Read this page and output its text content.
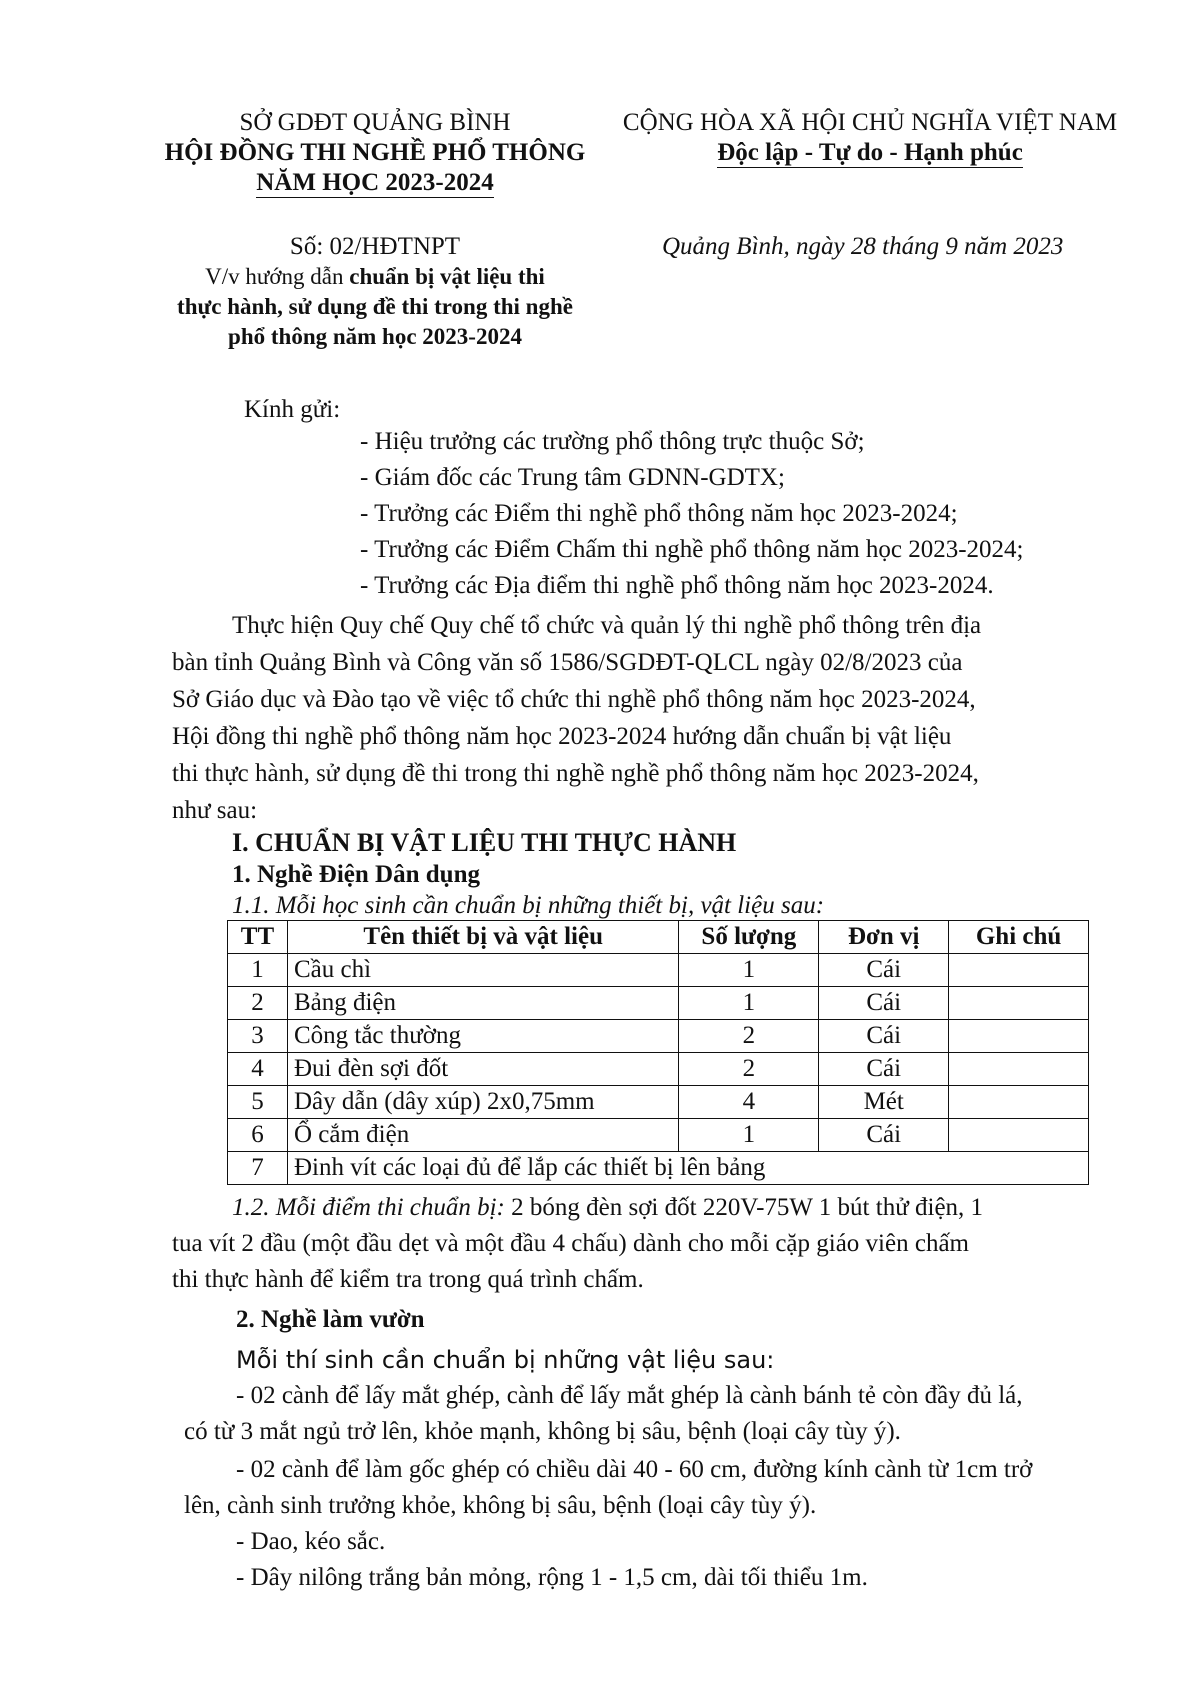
SỞ GDĐT QUẢNG BÌNH
HỘI ĐỒNG THI NGHỀ PHỔ THÔNG
NĂM HỌC 2023-2024
CỘNG HÒA XÃ HỘI CHỦ NGHĨA VIỆT NAM
Độc lập - Tự do - Hạnh phúc
Số: 02/HĐTNPT
V/v hướng dẫn chuẩn bị vật liệu thi
thực hành, sử dụng đề thi trong thi nghề
phổ thông năm học 2023-2024
Quảng Bình, ngày 28 tháng 9 năm 2023
Kính gửi:
- Hiệu trưởng các trường phổ thông trực thuộc Sở;
- Giám đốc các Trung tâm GDNN-GDTX;
- Trưởng các Điểm thi nghề phổ thông năm học 2023-2024;
- Trưởng các Điểm Chấm thi nghề phổ thông năm học 2023-2024;
- Trưởng các Địa điểm thi nghề phổ thông năm học 2023-2024.
Thực hiện Quy chế Quy chế tổ chức và quản lý thi nghề phổ thông trên địa
bàn tỉnh Quảng Bình và Công văn số 1586/SGDĐT-QLCL ngày 02/8/2023 của
Sở Giáo dục và Đào tạo về việc tổ chức thi nghề phổ thông năm học 2023-2024,
Hội đồng thi nghề phổ thông năm học 2023-2024 hướng dẫn chuẩn bị vật liệu
thi thực hành, sử dụng đề thi trong thi nghề nghề phổ thông năm học 2023-2024,
như sau:
I. CHUẨN BỊ VẬT LIỆU THI THỰC HÀNH
1. Nghề Điện Dân dụng
1.1. Mỗi học sinh cần chuẩn bị những thiết bị, vật liệu sau:
TT	Tên thiết bị và vật liệu	Số lượng	Đơn vị	Ghi chú
1	Cầu chì	1	Cái	
2	Bảng điện	1	Cái	
3	Công tắc thường	2	Cái	
4	Đui đèn sợi đốt	2	Cái	
5	Dây dẫn (dây xúp) 2x0,75mm	4	Mét	
6	Ổ cắm điện	1	Cái	
7	Đinh vít các loại đủ để lắp các thiết bị lên bảng			
1.2. Mỗi điểm thi chuẩn bị: 2 bóng đèn sợi đốt 220V-75W 1 bút thử điện, 1
tua vít 2 đầu (một đầu dẹt và một đầu 4 chấu) dành cho mỗi cặp giáo viên chấm
thi thực hành để kiểm tra trong quá trình chấm.
2. Nghề làm vườn
Mỗi thí sinh cần chuẩn bị những vật liệu sau:
- 02 cành để lấy mắt ghép, cành để lấy mắt ghép là cành bánh tẻ còn đầy đủ lá,
có từ 3 mắt ngủ trở lên, khỏe mạnh, không bị sâu, bệnh (loại cây tùy ý).
- 02 cành để làm gốc ghép có chiều dài 40 - 60 cm, đường kính cành từ 1cm trở
lên, cành sinh trưởng khỏe, không bị sâu, bệnh (loại cây tùy ý).
- Dao, kéo sắc.
- Dây nilông trắng bản mỏng, rộng 1 - 1,5 cm, dài tối thiểu 1m.
